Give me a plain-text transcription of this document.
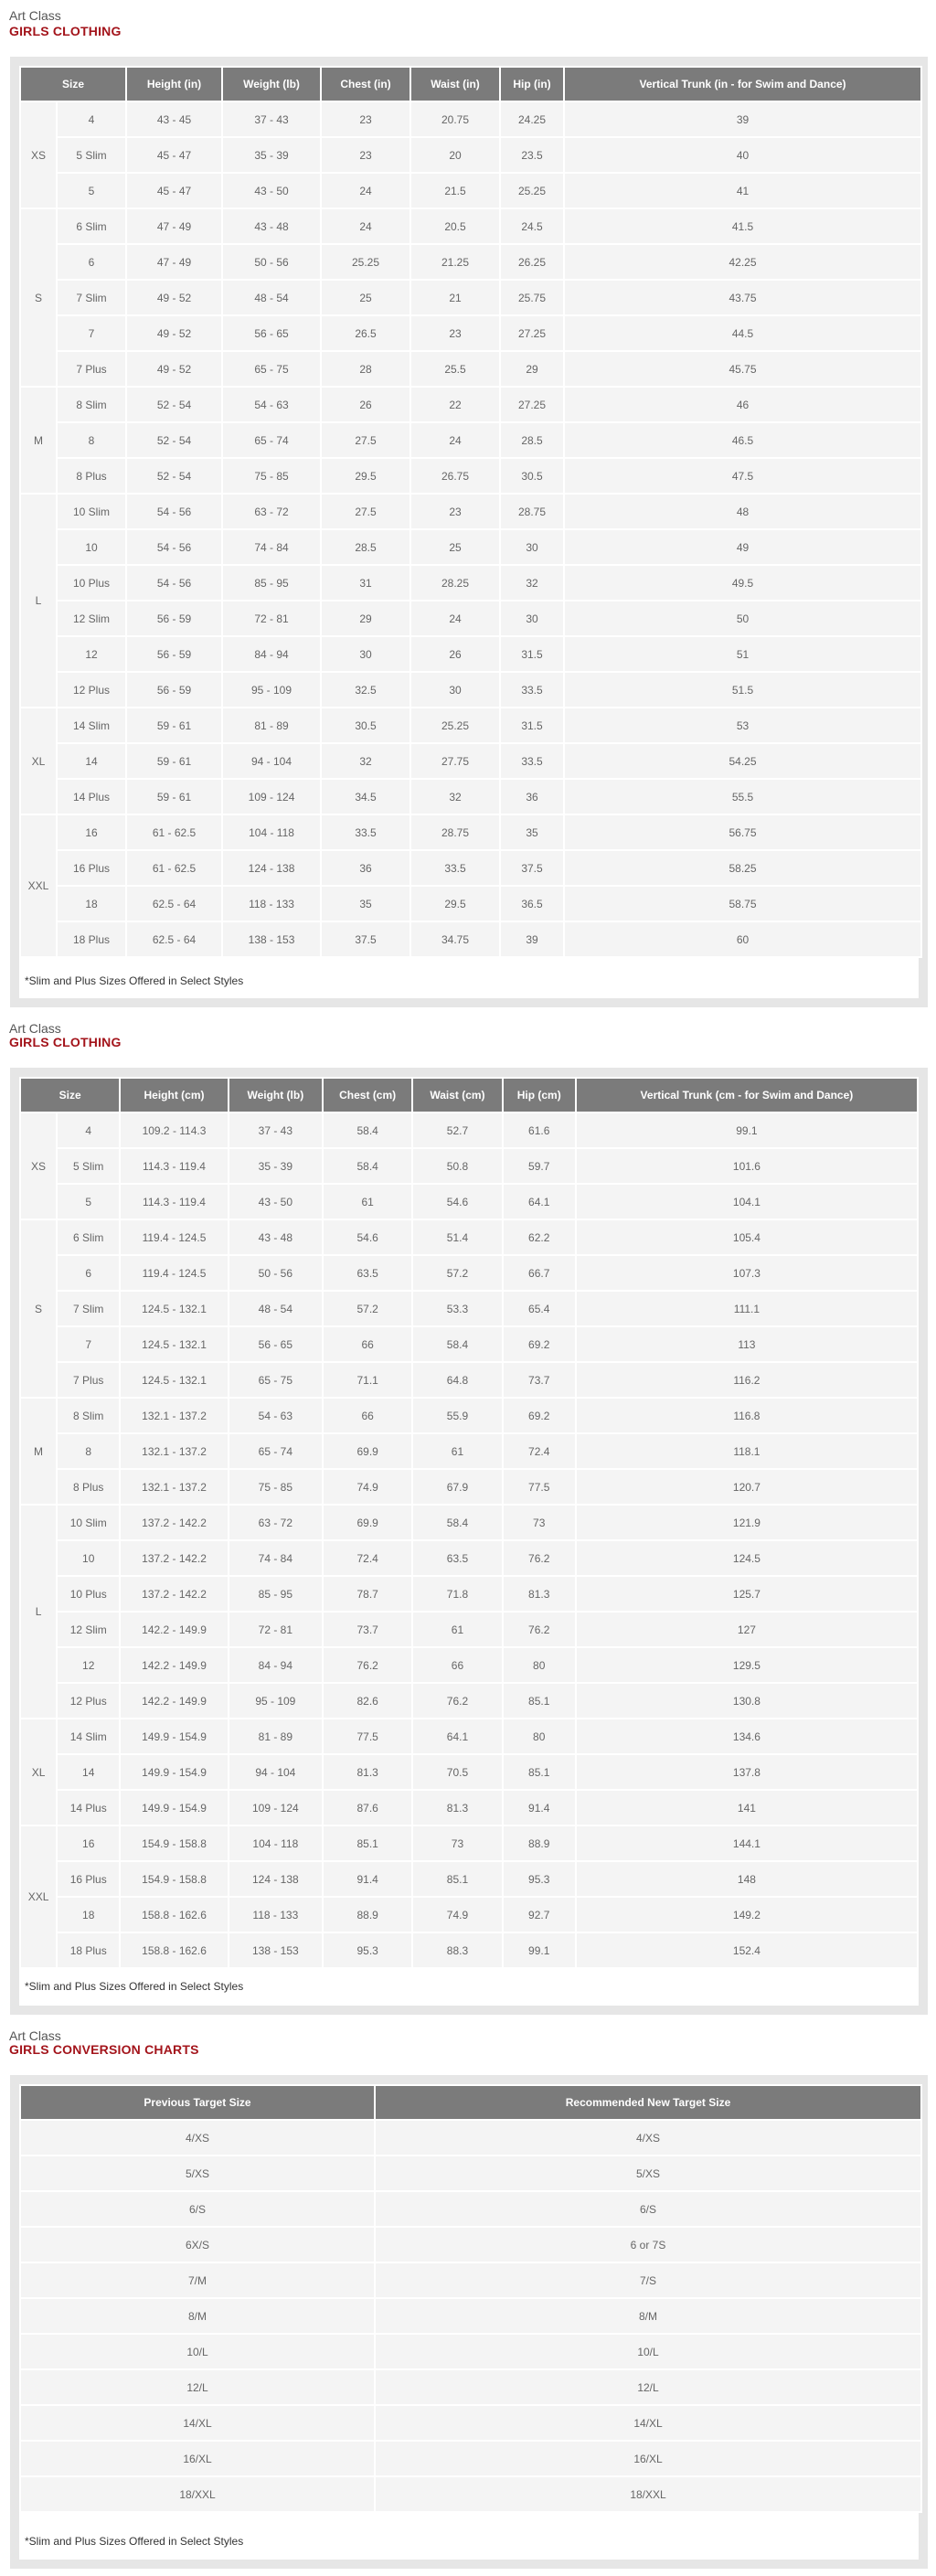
Art Class
GIRLS CLOTHING
Size		Height (in)	Weight (lb)	Chest (in)	Waist (in)	Hip (in)	Vertical Trunk (in - for Swim and Dance)
XS	4	43 - 45	37 - 43	23	20.75	24.25	39
	5 Slim	45 - 47	35 - 39	23	20	23.5	40
	5	45 - 47	43 - 50	24	21.5	25.25	41
S	6 Slim	47 - 49	43 - 48	24	20.5	24.5	41.5
	6	47 - 49	50 - 56	25.25	21.25	26.25	42.25
	7 Slim	49 - 52	48 - 54	25	21	25.75	43.75
	7	49 - 52	56 - 65	26.5	23	27.25	44.5
	7 Plus	49 - 52	65 - 75	28	25.5	29	45.75
M	8 Slim	52 - 54	54 - 63	26	22	27.25	46
	8	52 - 54	65 - 74	27.5	24	28.5	46.5
	8 Plus	52 - 54	75 - 85	29.5	26.75	30.5	47.5
L	10 Slim	54 - 56	63 - 72	27.5	23	28.75	48
	10	54 - 56	74 - 84	28.5	25	30	49
	10 Plus	54 - 56	85 - 95	31	28.25	32	49.5
	12 Slim	56 - 59	72 - 81	29	24	30	50
	12	56 - 59	84 - 94	30	26	31.5	51
	12 Plus	56 - 59	95 - 109	32.5	30	33.5	51.5
XL	14 Slim	59 - 61	81 - 89	30.5	25.25	31.5	53
	14	59 - 61	94 - 104	32	27.75	33.5	54.25
	14 Plus	59 - 61	109 - 124	34.5	32	36	55.5
XXL	16	61 - 62.5	104 - 118	33.5	28.75	35	56.75
	16 Plus	61 - 62.5	124 - 138	36	33.5	37.5	58.25
	18	62.5 - 64	118 - 133	35	29.5	36.5	58.75
	18 Plus	62.5 - 64	138 - 153	37.5	34.75	39	60
*Slim and Plus Sizes Offered in Select Styles
Art Class
GIRLS CLOTHING
Size		Height (cm)	Weight (lb)	Chest (cm)	Waist (cm)	Hip (cm)	Vertical Trunk (cm - for Swim and Dance)
XS	4	109.2 - 114.3	37 - 43	58.4	52.7	61.6	99.1
	5 Slim	114.3 - 119.4	35 - 39	58.4	50.8	59.7	101.6
	5	114.3 - 119.4	43 - 50	61	54.6	64.1	104.1
S	6 Slim	119.4 - 124.5	43 - 48	54.6	51.4	62.2	105.4
	6	119.4 - 124.5	50 - 56	63.5	57.2	66.7	107.3
	7 Slim	124.5 - 132.1	48 - 54	57.2	53.3	65.4	111.1
	7	124.5 - 132.1	56 - 65	66	58.4	69.2	113
	7 Plus	124.5 - 132.1	65 - 75	71.1	64.8	73.7	116.2
M	8 Slim	132.1 - 137.2	54 - 63	66	55.9	69.2	116.8
	8	132.1 - 137.2	65 - 74	69.9	61	72.4	118.1
	8 Plus	132.1 - 137.2	75 - 85	74.9	67.9	77.5	120.7
L	10 Slim	137.2 - 142.2	63 - 72	69.9	58.4	73	121.9
	10	137.2 - 142.2	74 - 84	72.4	63.5	76.2	124.5
	10 Plus	137.2 - 142.2	85 - 95	78.7	71.8	81.3	125.7
	12 Slim	142.2 - 149.9	72 - 81	73.7	61	76.2	127
	12	142.2 - 149.9	84 - 94	76.2	66	80	129.5
	12 Plus	142.2 - 149.9	95 - 109	82.6	76.2	85.1	130.8
XL	14 Slim	149.9 - 154.9	81 - 89	77.5	64.1	80	134.6
	14	149.9 - 154.9	94 - 104	81.3	70.5	85.1	137.8
	14 Plus	149.9 - 154.9	109 - 124	87.6	81.3	91.4	141
XXL	16	154.9 - 158.8	104 - 118	85.1	73	88.9	144.1
	16 Plus	154.9 - 158.8	124 - 138	91.4	85.1	95.3	148
	18	158.8 - 162.6	118 - 133	88.9	74.9	92.7	149.2
	18 Plus	158.8 - 162.6	138 - 153	95.3	88.3	99.1	152.4
*Slim and Plus Sizes Offered in Select Styles
Art Class
GIRLS CONVERSION CHARTS
Previous Target Size	Recommended New Target Size
4/XS	4/XS
5/XS	5/XS
6/S	6/S
6X/S	6 or 7S
7/M	7/S
8/M	8/M
10/L	10/L
12/L	12/L
14/XL	14/XL
16/XL	16/XL
18/XXL	18/XXL
*Slim and Plus Sizes Offered in Select Styles
